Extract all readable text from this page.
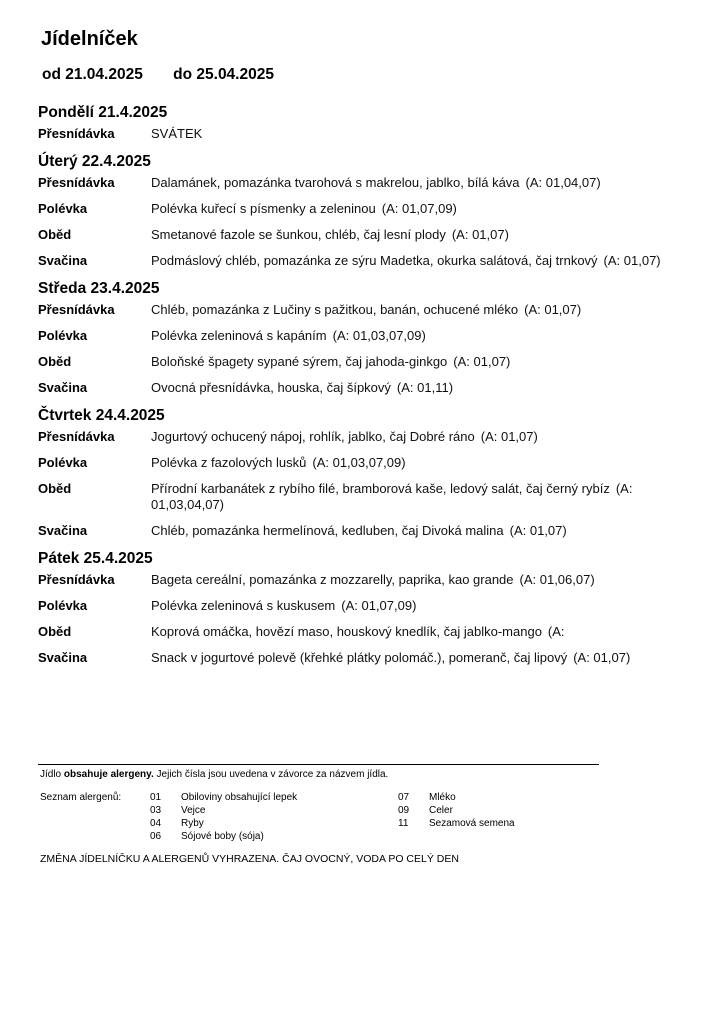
Jídelníček
od 21.04.2025 do 25.04.2025
Pondělí 21.4.2025
Přesnídávka	SVÁTEK
Úterý 22.4.2025
Přesnídávka	Dalamánek, pomazánka tvarohová s makrelou, jablko, bílá káva (A: 01,04,07)
Polévka	Polévka kuřecí s písmenky a zeleninou (A: 01,07,09)
Oběd	Smetanové fazole se šunkou, chléb, čaj lesní plody (A: 01,07)
Svačina	Podmáslový chléb, pomazánka ze sýru Madetka, okurka salátová, čaj trnkový (A: 01,07)
Středa 23.4.2025
Přesnídávka	Chléb, pomazánka z Lučiny s pažitkou, banán, ochucené mléko (A: 01,07)
Polévka	Polévka zeleninová s kapáním (A: 01,03,07,09)
Oběd	Boloňské špagety sypané sýrem, čaj jahoda-ginkgo (A: 01,07)
Svačina	Ovocná přesnídávka, houska, čaj šípkový (A: 01,11)
Čtvrtek 24.4.2025
Přesnídávka	Jogurtový ochucený nápoj, rohlík, jablko, čaj Dobré ráno (A: 01,07)
Polévka	Polévka z fazolových lusků (A: 01,03,07,09)
Oběd	Přírodní karbanátek z rybího filé, bramborová kaše, ledový salát, čaj černý rybíz (A: 01,03,04,07)
Svačina	Chléb, pomazánka hermelínová, kedluben, čaj Divoká malina (A: 01,07)
Pátek 25.4.2025
Přesnídávka	Bageta cereální, pomazánka z mozzarelly, paprika, kao grande (A: 01,06,07)
Polévka	Polévka zeleninová s kuskusem (A: 01,07,09)
Oběd	Koprová omáčka, hovězí maso, houskový knedlík, čaj jablko-mango (A:
Svačina	Snack v jogurtové polevě (křehké plátky polomáč.), pomeranč, čaj lipový (A: 01,07)
Jídlo obsahuje alergeny. Jejich čísla jsou uvedena v závorce za názvem jídla.
Seznam alergenů:	01	Obiloviny obsahující lepek
03	Vejce
04	Ryby
06	Sójové boby (sója)
07	Mléko
09	Celer
11	Sezamová semena
ZMĚNA JÍDELNÍČKU A ALERGENŮ VYHRAZENA. ČAJ OVOCNÝ, VODA PO CELÝ DEN
